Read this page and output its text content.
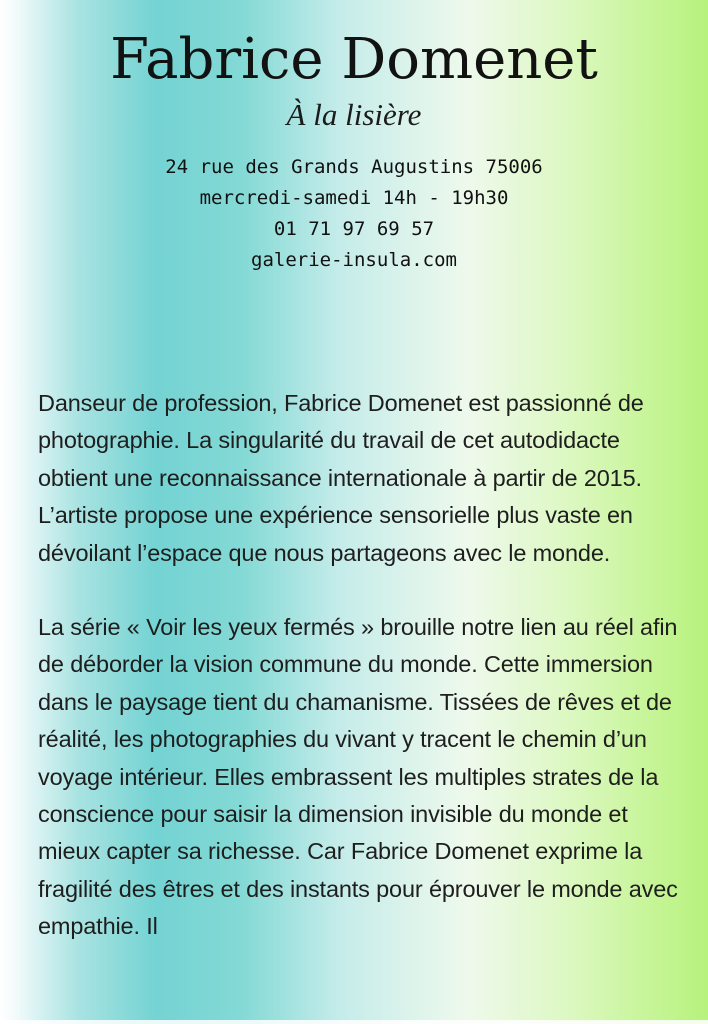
Fabrice Domenet

À la lisière

24 rue des Grands Augustins 75006
mercredi-samedi 14h - 19h30
01 71 97 69 57
galerie-insula.com

Danseur de profession, Fabrice Domenet est passionné de photographie. La singularité du travail de cet autodidacte obtient une reconnaissance internationale à partir de 2015. L’artiste propose une expérience sensorielle plus vaste en dévoilant l’espace que nous partageons avec le monde.

La série « Voir les yeux fermés » brouille notre lien au réel afin de déborder la vision commune du monde. Cette immersion dans le paysage tient du chamanisme. Tissées de rêves et de réalité, les photographies du vivant y tracent le chemin d’un voyage intérieur. Elles embrassent les multiples strates de la conscience pour saisir la dimension invisible du monde et mieux capter sa richesse. Car Fabrice Domenet exprime la fragilité des êtres et des instants pour éprouver le monde avec empathie. Il
